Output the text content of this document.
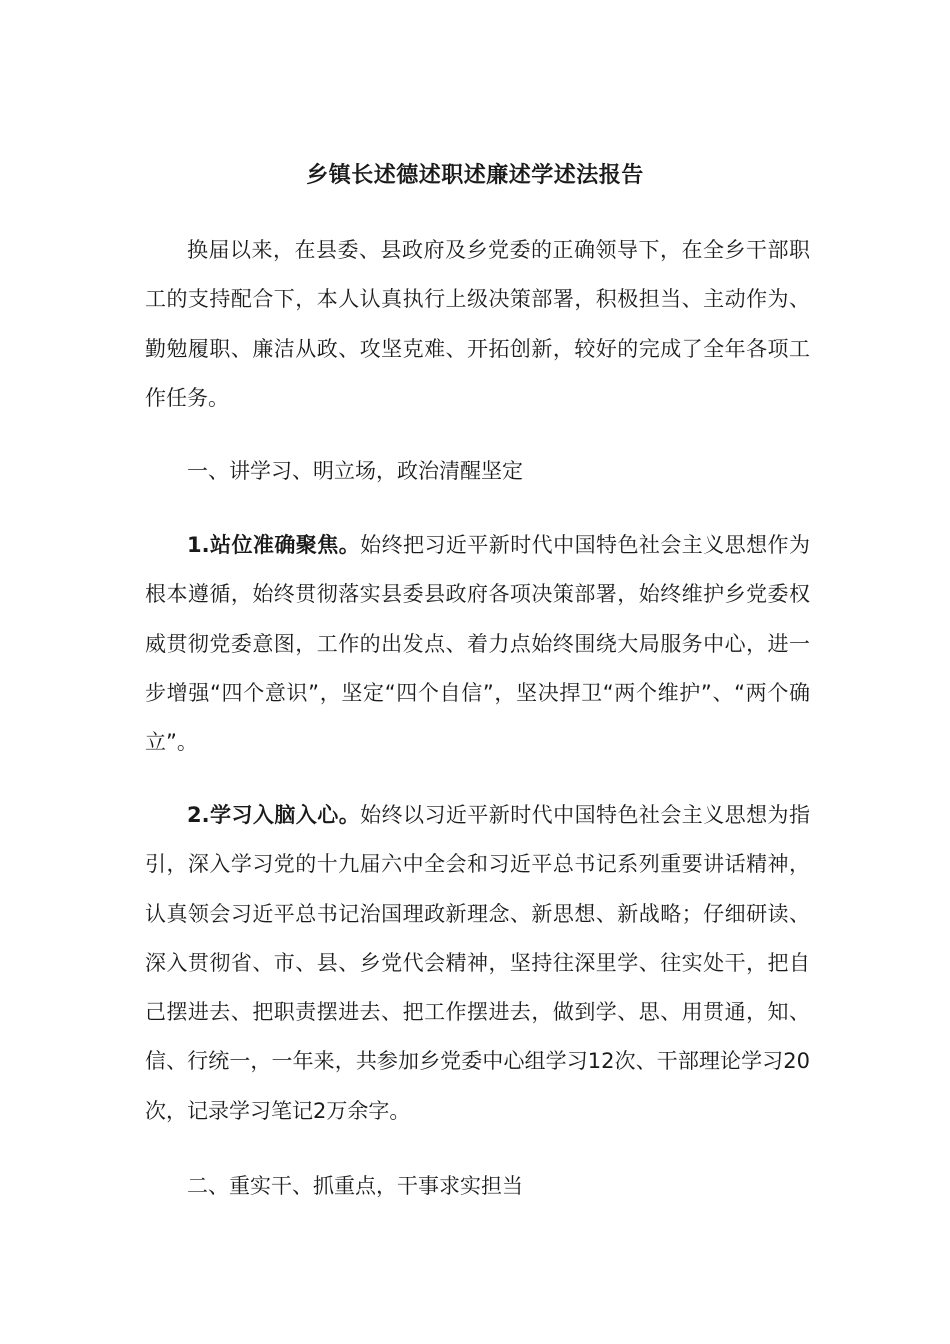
乡镇长述德述职述廉述学述法报告

换届以来，在县委、县政府及乡党委的正确领导下，在全乡干部职工的支持配合下，本人认真执行上级决策部署，积极担当、主动作为、勤勉履职、廉洁从政、攻坚克难、开拓创新，较好的完成了全年各项工作任务。

一、讲学习、明立场，政治清醒坚定

1.站位准确聚焦。始终把习近平新时代中国特色社会主义思想作为根本遵循，始终贯彻落实县委县政府各项决策部署，始终维护乡党委权威贯彻党委意图，工作的出发点、着力点始终围绕大局服务中心，进一步增强“四个意识”，坚定“四个自信”，坚决捍卫“两个维护”、“两个确立”。

2.学习入脑入心。始终以习近平新时代中国特色社会主义思想为指引，深入学习党的十九届六中全会和习近平总书记系列重要讲话精神，认真领会习近平总书记治国理政新理念、新思想、新战略；仔细研读、深入贯彻省、市、县、乡党代会精神，坚持往深里学、往实处干，把自己摆进去、把职责摆进去、把工作摆进去，做到学、思、用贯通，知、信、行统一，一年来，共参加乡党委中心组学习12次、干部理论学习20次，记录学习笔记2万余字。

二、重实干、抓重点，干事求实担当
